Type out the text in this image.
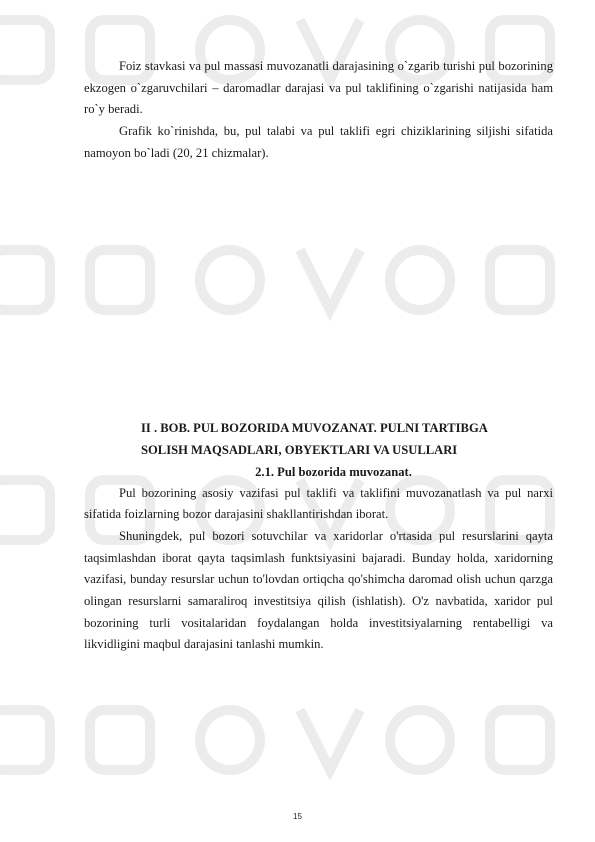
Foiz stavkasi va pul massasi muvozanatli darajasining o`zgarib turishi pul bozorining ekzogen o`zgaruvchilari – daromadlar darajasi va pul taklifining o`zgarishi natijasida ham ro`y beradi.

Grafik ko`rinishda, bu, pul talabi va pul taklifi egri chiziklarining siljishi sifatida namoyon bo`ladi (20, 21 chizmalar).

II . BOB. PUL BOZORIDA MUVOZANAT. PULNI TARTIBGA
SOLISH MAQSADLARI, OBYEKTLARI VA USULLARI
2.1. Pul bozorida muvozanat.

Pul bozorining asosiy vazifasi pul taklifi va taklifini muvozanatlash va pul narxi sifatida foizlarning bozor darajasini shakllantirishdan iborat.

Shuningdek, pul bozori sotuvchilar va xaridorlar o'rtasida pul resurslarini qayta taqsimlashdan iborat qayta taqsimlash funktsiyasini bajaradi. Bunday holda, xaridorning vazifasi, bunday resurslar uchun to'lovdan ortiqcha qo'shimcha daromad olish uchun qarzga olingan resurslarni samaraliroq investitsiya qilish (ishlatish). O'z navbatida, xaridor pul bozorining turli vositalaridan foydalangan holda investitsiyalarning rentabelligi va likvidligini maqbul darajasini tanlashi mumkin.

15
